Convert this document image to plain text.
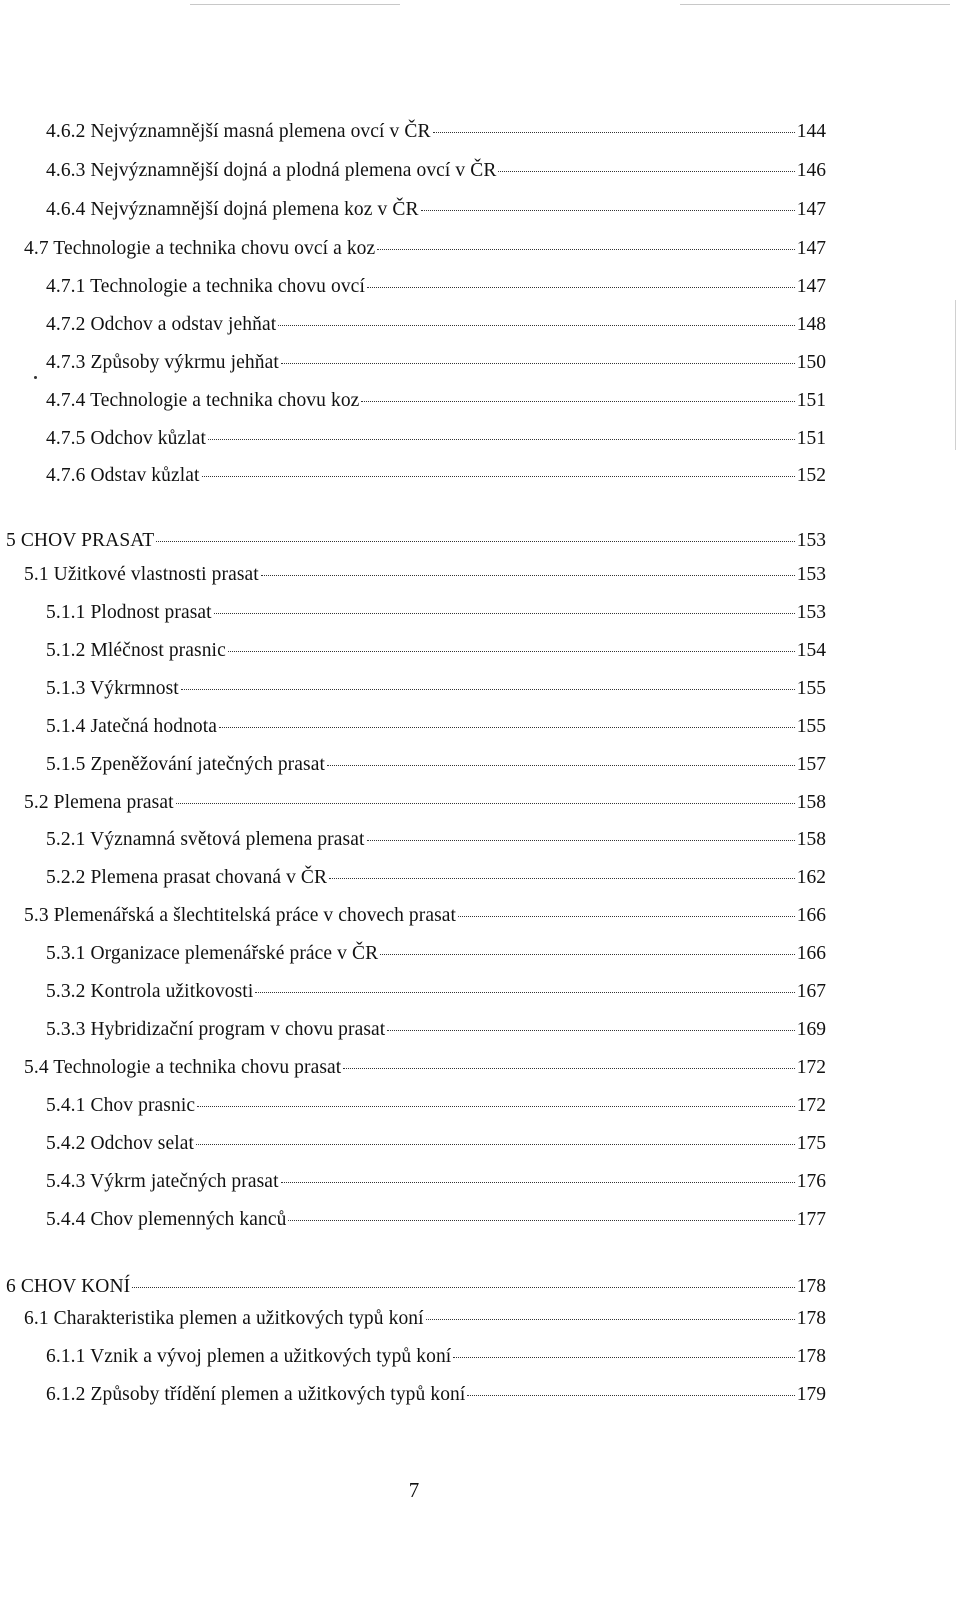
4.6.2 Nejvýznamnější masná plemena ovcí v ČR	144
4.6.3 Nejvýznamnější dojná a plodná plemena ovcí v ČR	146
4.6.4 Nejvýznamnější dojná plemena koz v ČR	147
4.7 Technologie a technika chovu ovcí a koz	147
4.7.1 Technologie a technika chovu ovcí	147
4.7.2 Odchov a odstav jehňat	148
4.7.3 Způsoby výkrmu jehňat	150
4.7.4 Technologie a technika chovu koz	151
4.7.5 Odchov kůzlat	151
4.7.6 Odstav kůzlat	152
5 CHOV PRASAT	153
5.1 Užitkové vlastnosti prasat	153
5.1.1 Plodnost prasat	153
5.1.2 Mléčnost prasnic	154
5.1.3 Výkrmnost	155
5.1.4 Jatečná hodnota	155
5.1.5 Zpeněžování jatečných prasat	157
5.2 Plemena prasat	158
5.2.1 Významná světová plemena prasat	158
5.2.2 Plemena prasat chovaná v ČR	162
5.3 Plemenářská a šlechtitelská práce v chovech prasat	166
5.3.1 Organizace plemenářské práce v ČR	166
5.3.2 Kontrola užitkovosti	167
5.3.3 Hybridizační program v chovu prasat	169
5.4 Technologie a technika chovu prasat	172
5.4.1 Chov prasnic	172
5.4.2 Odchov selat	175
5.4.3 Výkrm jatečných prasat	176
5.4.4 Chov plemenných kanců	177
6 CHOV KONÍ	178
6.1 Charakteristika plemen a užitkových typů koní	178
6.1.1 Vznik a vývoj plemen a užitkových typů koní	178
6.1.2 Způsoby třídění plemen a užitkových typů koní	179
7
